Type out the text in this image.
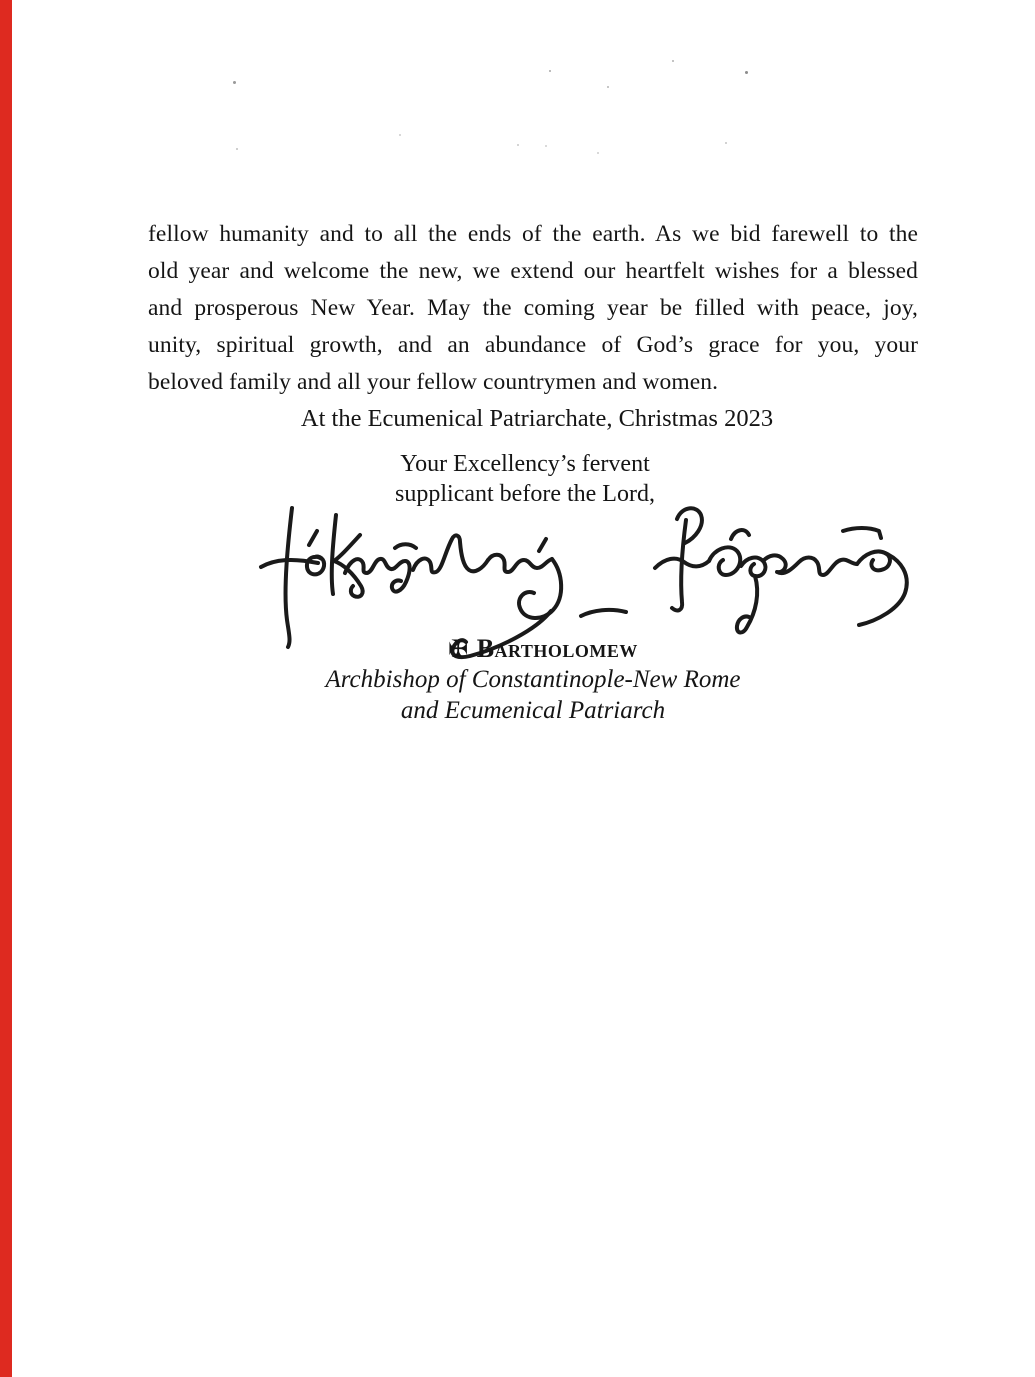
fellow humanity and to all the ends of the earth. As we bid farewell to the
old year and welcome the new, we extend our heartfelt wishes for a blessed
and prosperous New Year. May the coming year be filled with peace, joy,
unity, spiritual growth, and an abundance of God’s grace for you, your
beloved family and all your fellow countrymen and women.
At the Ecumenical Patriarchate, Christmas 2023
Your Excellency’s fervent
supplicant before the Lord,
✠ Bartholomew
Archbishop of Constantinople-New Rome
and Ecumenical Patriarch
